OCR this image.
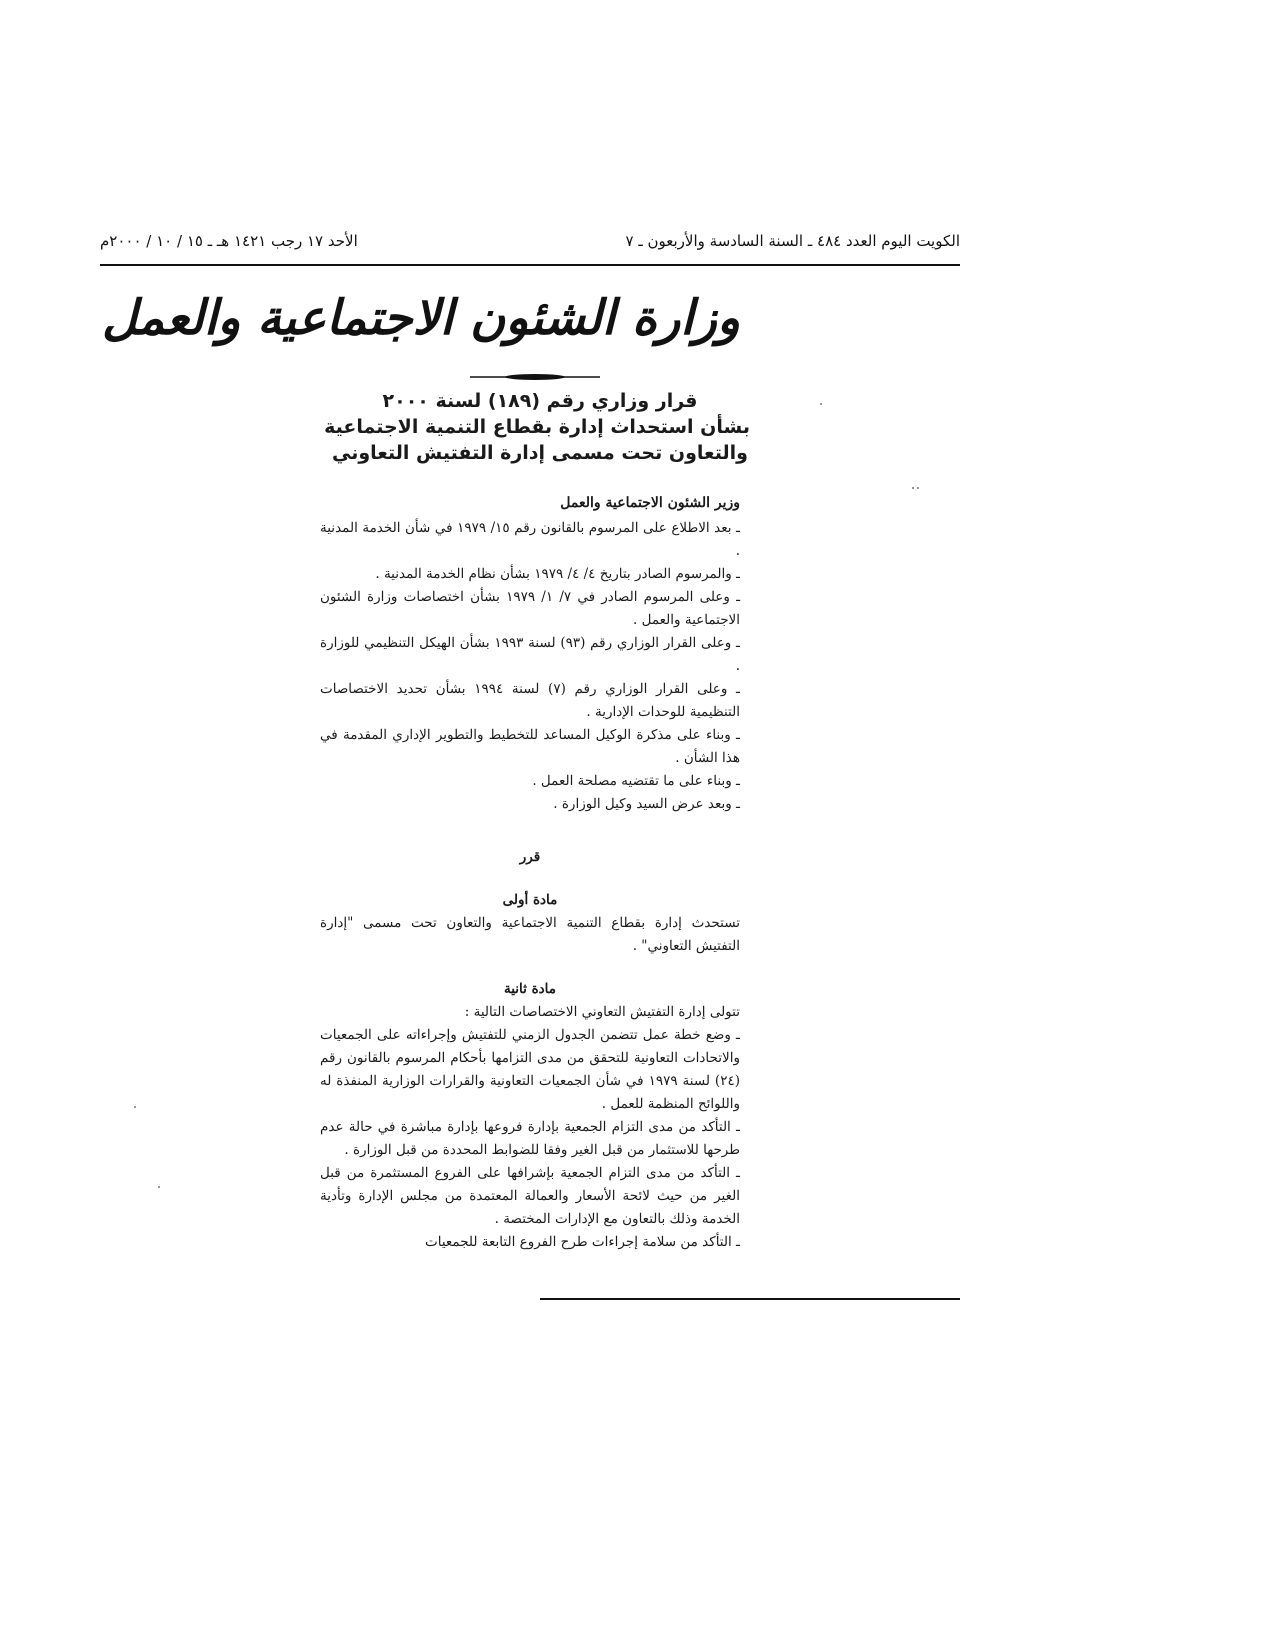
الكويت اليوم العدد ٤٨٤ ـ السنة السادسة والأربعون ـ ٧
الأحد ١٧ رجب ١٤٢١ هـ ـ ١٥ / ١٠ / ٢٠٠٠م
وزارة الشئون الاجتماعية والعمل
قرار وزاري رقم (١٨٩) لسنة ٢٠٠٠
بشأن استحداث إدارة بقطاع التنمية الاجتماعية
والتعاون تحت مسمى إدارة التفتيش التعاوني

وزير الشئون الاجتماعية والعمل

ـ بعد الاطلاع على المرسوم بالقانون رقم ١٥/ ١٩٧٩ في شأن الخدمة المدنية .

ـ والمرسوم الصادر بتاريخ ٤/ ٤/ ١٩٧٩ بشأن نظام الخدمة المدنية .

ـ وعلى المرسوم الصادر في ٧/ ١/ ١٩٧٩ بشأن اختصاصات وزارة الشئون الاجتماعية والعمل .

ـ وعلى القرار الوزاري رقم (٩٣) لسنة ١٩٩٣ بشأن الهيكل التنظيمي للوزارة .

ـ وعلى القرار الوزاري رقم (٧) لسنة ١٩٩٤ بشأن تحديد الاختصاصات التنظيمية للوحدات الإدارية .

ـ وبناء على مذكرة الوكيل المساعد للتخطيط والتطوير الإداري المقدمة في هذا الشأن .

ـ وبناء على ما تقتضيه مصلحة العمل .

ـ وبعد عرض السيد وكيل الوزارة .

قرر

مادة أولى

تستحدث إدارة بقطاع التنمية الاجتماعية والتعاون تحت مسمى "إدارة التفتيش التعاوني" .

مادة ثانية

تتولى إدارة التفتيش التعاوني الاختصاصات التالية :

ـ وضع خطة عمل تتضمن الجدول الزمني للتفتيش وإجراءاته على الجمعيات والاتحادات التعاونية للتحقق من مدى التزامها بأحكام المرسوم بالقانون رقم (٢٤) لسنة ١٩٧٩ في شأن الجمعيات التعاونية والقرارات الوزارية المنفذة له واللوائح المنظمة للعمل .

ـ التأكد من مدى التزام الجمعية بإدارة فروعها بإدارة مباشرة في حالة عدم طرحها للاستثمار من قبل الغير وفقا للضوابط المحددة من قبل الوزارة .

ـ التأكد من مدى التزام الجمعية بإشرافها على الفروع المستثمرة من قبل الغير من حيث لائحة الأسعار والعمالة المعتمدة من مجلس الإدارة وتأدية الخدمة وذلك بالتعاون مع الإدارات المختصة .

ـ التأكد من سلامة إجراءات طرح الفروع التابعة للجمعيات
